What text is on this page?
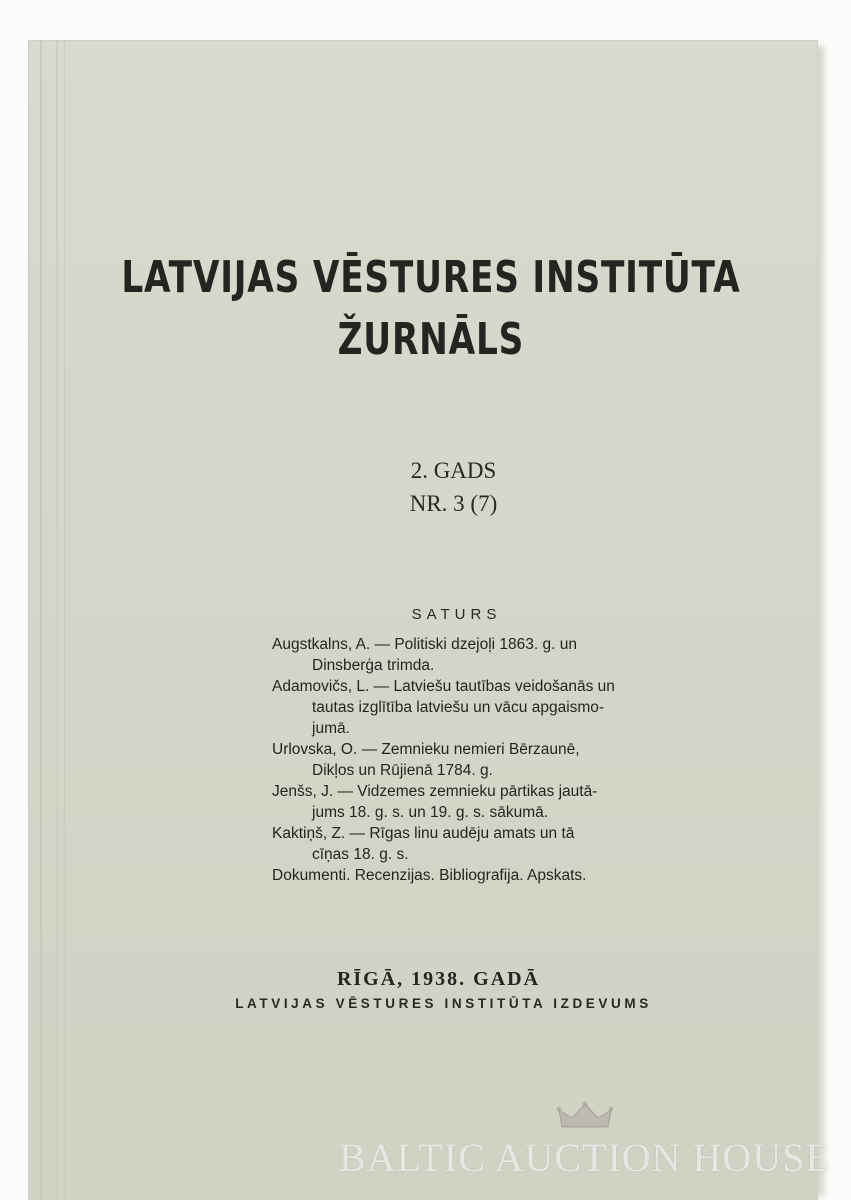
LATVIJAS VĒSTURES INSTITŪTA
ŽURNĀLS
2. GADS
NR. 3 (7)
SATURS
Augstkalns, A. — Politiski dzejoļi 1863. g. un
Dinsberģa trimda.
Adamovičs, L. — Latviešu tautības veidošanās un
tautas izglītība latviešu un vācu apgaismo-
jumā.
Urlovska, O. — Zemnieku nemieri Bērzaunē,
Dikļos un Rūjienā 1784. g.
Jenšs, J. — Vidzemes zemnieku pārtikas jautā-
jums 18. g. s. un 19. g. s. sākumā.
Kaktiņš, Z. — Rīgas linu audēju amats un tā
cīņas 18. g. s.
Dokumenti. Recenzijas. Bibliografija. Apskats.
RĪGĀ, 1938. GADĀ
LATVIJAS VĒSTURES INSTITŪTA IZDEVUMS
BALTIC AUCTION HOUSE
